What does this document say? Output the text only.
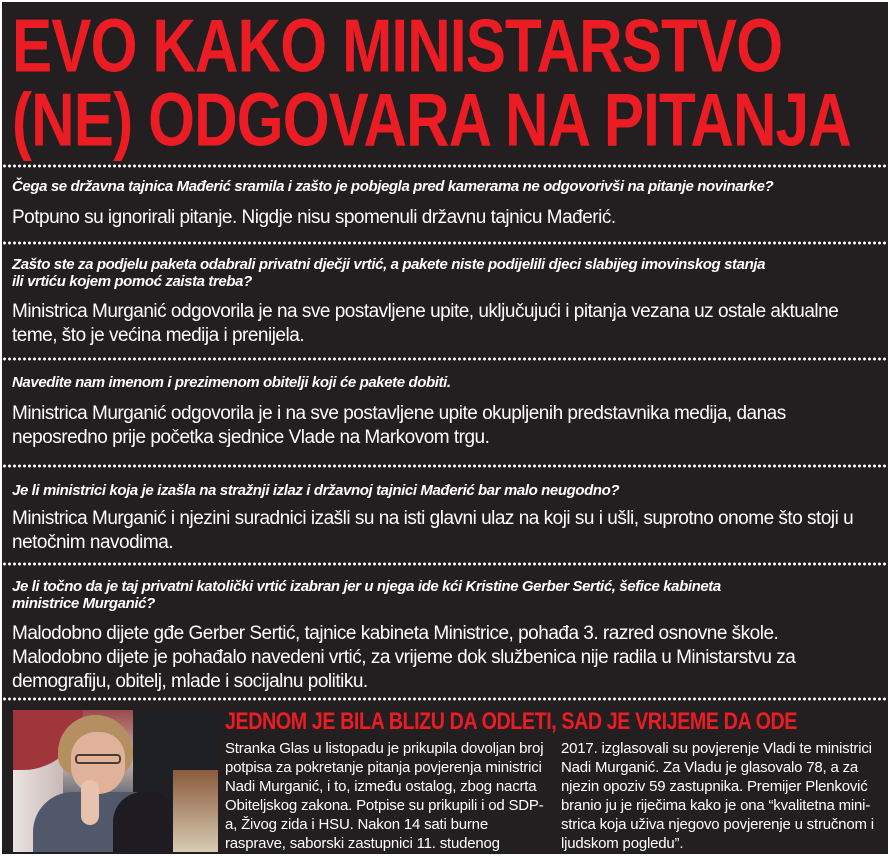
EVO KAKO MINISTARSTVO
(NE) ODGOVARA NA PITANJA
Čega se državna tajnica Mađerić sramila i zašto je pobjegla pred kamerama ne odgovorivši na pitanje novinarke?
Potpuno su ignorirali pitanje. Nigdje nisu spomenuli državnu tajnicu Mađerić.
Zašto ste za podjelu paketa odabrali privatni dječji vrtić, a pakete niste podijelili djeci slabijeg imovinskog stanja ili vrtiću kojem pomoć zaista treba?
Ministrica Murganić odgovorila je na sve postavljene upite, uključujući i pitanja vezana uz ostale aktualne teme, što je većina medija i prenijela.
Navedite nam imenom i prezimenom obitelji koji će pakete dobiti.
Ministrica Murganić odgovorila je i na sve postavljene upite okupljenih predstavnika medija, danas neposredno prije početka sjednice Vlade na Markovom trgu.
Je li ministrici koja je izašla na stražnji izlaz i državnoj tajnici Mađerić bar malo neugodno?
Ministrica Murganić i njezini suradnici izašli su na isti glavni ulaz na koji su i ušli, suprotno onome što stoji u netočnim navodima.
Je li točno da je taj privatni katolički vrtić izabran jer u njega ide kći Kristine Gerber Sertić, šefice kabineta ministrice Murganić?
Malodobno dijete gđe Gerber Sertić, tajnice kabineta Ministrice, pohađa 3. razred osnovne škole. Malodobno dijete je pohađalo navedeni vrtić, za vrijeme dok službenica nije radila u Ministarstvu za demografiju, obitelj, mlade i socijalnu politiku.
JEDNOM JE BILA BLIZU DA ODLETI, SAD JE VRIJEME DA ODE
Stranka Glas u listopadu je prikupila dovoljan broj potpisa za pokretanje pitanja povjerenja ministrici Nadi Murganić, i to, između ostalog, zbog nacrta Obiteljskog zakona. Potpise su prikupili i od SDP-a, Živog zida i HSU. Nakon 14 sati burne rasprave, saborski zastupnici 11. studenog
2017. izglasovali su povjerenje Vladi te ministrici Nadi Murganić. Za Vladu je glasovalo 78, a za njezin opoziv 59 zastupnika. Premijer Plenković branio ju je riječima kako je ona “kvalitetna ministrica koja uživa njegovo povjerenje u stručnom i ljudskom pogledu”.
